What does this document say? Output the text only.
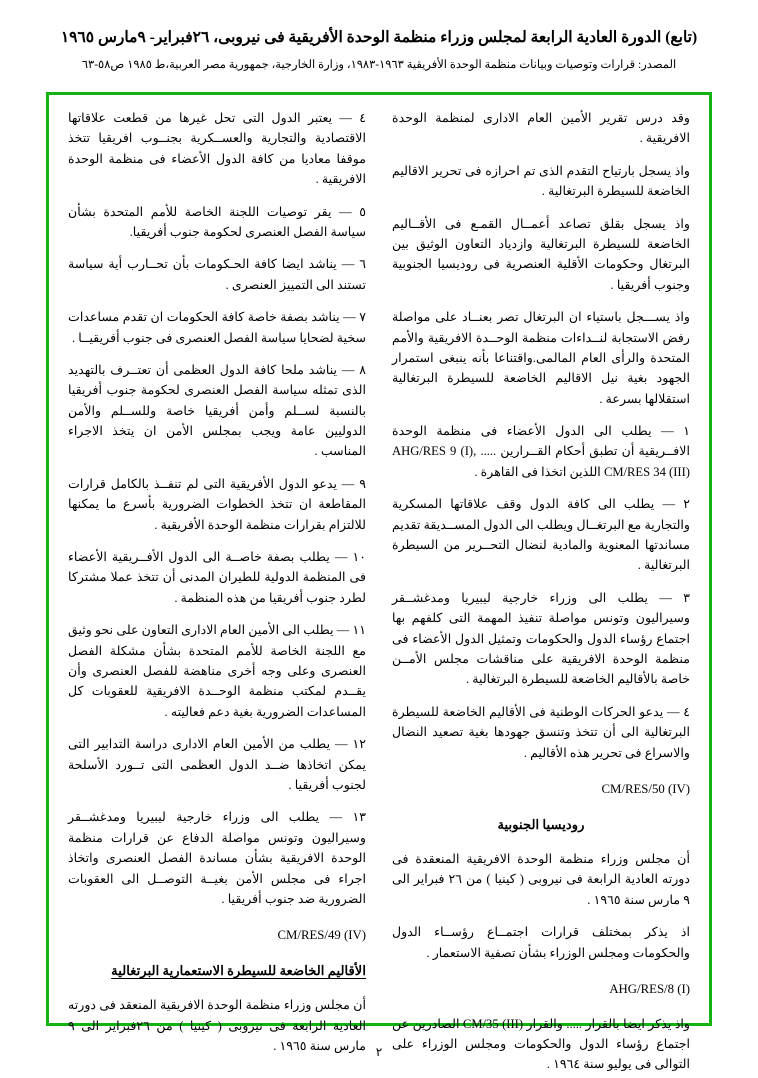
(تابع) الدورة العادية الرابعة لمجلس وزراء منظمة الوحدة الأفريقية فى نيروبى، ٢٦فبراير- ٩مارس ١٩٦٥
المصدر: قرارات وتوصيات وبيانات منظمة الوحدة الأفريقية ١٩٦٣-١٩٨٣، وزارة الخارجية، جمهورية مصر العربية،ط ١٩٨٥ ص٥٨-٦٣

وقد درس تقرير الأمين العام الادارى لمنظمة الوحدة الافريقية .

واذ يسجل بارتياح التقدم الذى تم احرازه فى تحرير الاقاليم الخاضعة للسيطرة البرتغالية .

واذ يسجل بقلق تصاعد أعمــال القمـع فى الأقــاليم الخاضعة للسيطرة البرتغالية وازدياد التعاون الوثيق بين البرتغال وحكومات الأقلية العنصرية فى روديسيا الجنوبية وجنوب أفريقيا .

واذ يســـجل باستياء ان البرتغال تصر بعنــاد على مواصلة رفض الاستجابة لنــداءات منظمة الوحــدة الافريقية والأمم المتحدة والرأى العام المالمى.واقتناعا بأنه ينبغى استمرار الجهود بغية نيل الاقاليم الخاضعة للسيطرة البرتغالية استقلالها بسرعة .

١ — يطلب الى الدول الأعضاء فى منظمة الوحدة الافــريقية أن تطبق أحكام القــرارين ..... AHG/RES 9 (I), CM/RES 34 (III) اللذين اتخذا فى القاهرة .

٢ — يطلب الى كافة الدول وقف علاقاتها المسكرية والتجارية مع البرتغــال ويطلب الى الدول المســديقة تقديم مساندتها المعنوية والمادية لنضال التحــرير من السيطرة البرتغالية .

٣ — يطلب الى وزراء خارجية ليبيريا ومدغشــقر وسيراليون وتونس مواصلة تنفيذ المهمة التى كلفهم بها اجتماع رؤساء الدول والحكومات وتمثيل الدول الأعضاء فى منظمة الوحدة الافريقية على مناقشات مجلس الأمــن خاصة بالأقاليم الخاضعة للسيطرة البرتغالية .

٤ — يدعو الحركات الوطنية فى الأقاليم الخاضعة للسيطرة البرتغالية الى أن تتخذ وتنسق جهودها بغية تصعيد النضال والاسراع فى تحرير هذه الأقاليم .

CM/RES/50 (IV)
روديسيا الجنوبية

أن مجلس وزراء منظمة الوحدة الافريقية المنعقدة فى دورته العادية الرابعة فى نيروبى ( كينيا ) من ٢٦ فبراير الى ٩ مارس سنة ١٩٦٥ .

اذ يذكر بمختلف قرارات اجتمــاع رؤســاء الدول والحكومات ومجلس الوزراء بشأن تصفية الاستعمار .

AHG/RES/8 (I)

واذ يذكر ايضا بالقرار ..... والقرار CM/35 (III) الصادرين عن اجتماع رؤساء الدول والحكومات ومجلس الوزراء على التوالى فى يوليو سنة ١٩٦٤ .

٤ — يعتبر الدول التى تحل غيرها من قطعت علاقاتها الاقتصادية والتجارية والعســكرية بجنــوب افريقيا تتخذ موقفا معاديا من كافة الدول الأعضاء فى منظمة الوحدة الافريقية .

٥ — يقر توصيات اللجنة الخاصة للأمم المتحدة بشأن سياسة الفصل العنصرى لحكومة جنوب أفريقيا.

٦ — يناشد ايضا كافة الحـكومات بأن تحــارب أية سياسة تستند الى التمييز العنصرى .

٧ — يناشد بصفة خاصة كافة الحكومات ان تقدم مساعدات سخية لضحايا سياسة الفصل العنصرى فى جنوب أفريقيــا .

٨ — يناشد ملحا كافة الدول العظمى أن تعتــرف بالتهديد الذى تمثله سياسة الفصل العنصرى لحكومة جنوب أفريقيا بالنسبة لســلم وأمن أفريقيا خاصة وللســلم والأمن الدوليين عامة ويجب بمجلس الأمن ان يتخذ الاجراء المناسب .

٩ — يدعو الدول الأفريقية التى لم تنفــذ بالكامل قرارات المقاطعة ان تتخذ الخطوات الضرورية بأسرع ما يمكنها للالتزام بقرارات منظمة الوحدة الأفريقية .

١٠ — يطلب بصفة خاصــة الى الدول الأفــريقية الأعضاء فى المنظمة الدولية للطيران المدنى أن تتخذ عملا مشتركا لطرد جنوب أفريقيا من هذه المنظمة .

١١ — يطلب الى الأمين العام الادارى التعاون على نحو وثيق مع اللجنة الخاصة للأمم المتحدة بشأن مشكلة الفصل العنصرى وعلى وجه أخرى مناهضة للفصل العنصرى وأن يقــدم لمكتب منظمة الوحــدة الافريقية للعقوبات كل المساعدات الضرورية بغية دعم فعاليته .

١٢ — يطلب من الأمين العام الادارى دراسة التدابير التى يمكن اتخاذها ضــد الدول العظمى التى تــورد الأسلحة لجنوب أفريقيا .

١٣ — يطلب الى وزراء خارجية ليبيريا ومدغشــقر وسيراليون وتونس مواصلة الدفاع عن قرارات منظمة الوحدة الافريقية بشأن مساندة الفصل العنصرى واتخاذ اجراء فى مجلس الأمن بغيــة التوصــل الى العقوبات الضرورية ضد جنوب أفريقيا .

CM/RES/49 (IV)
الأقاليم الخاضعة للسيطرة الاستعمارية البرتغالية

أن مجلس وزراء منظمة الوحدة الافريقية المنعقد فى دورته العادية الرابعة فى نيروبى ( كينيا ) من ٢٦فبراير الى ٩ مارس سنة ١٩٦٥ . ٢
